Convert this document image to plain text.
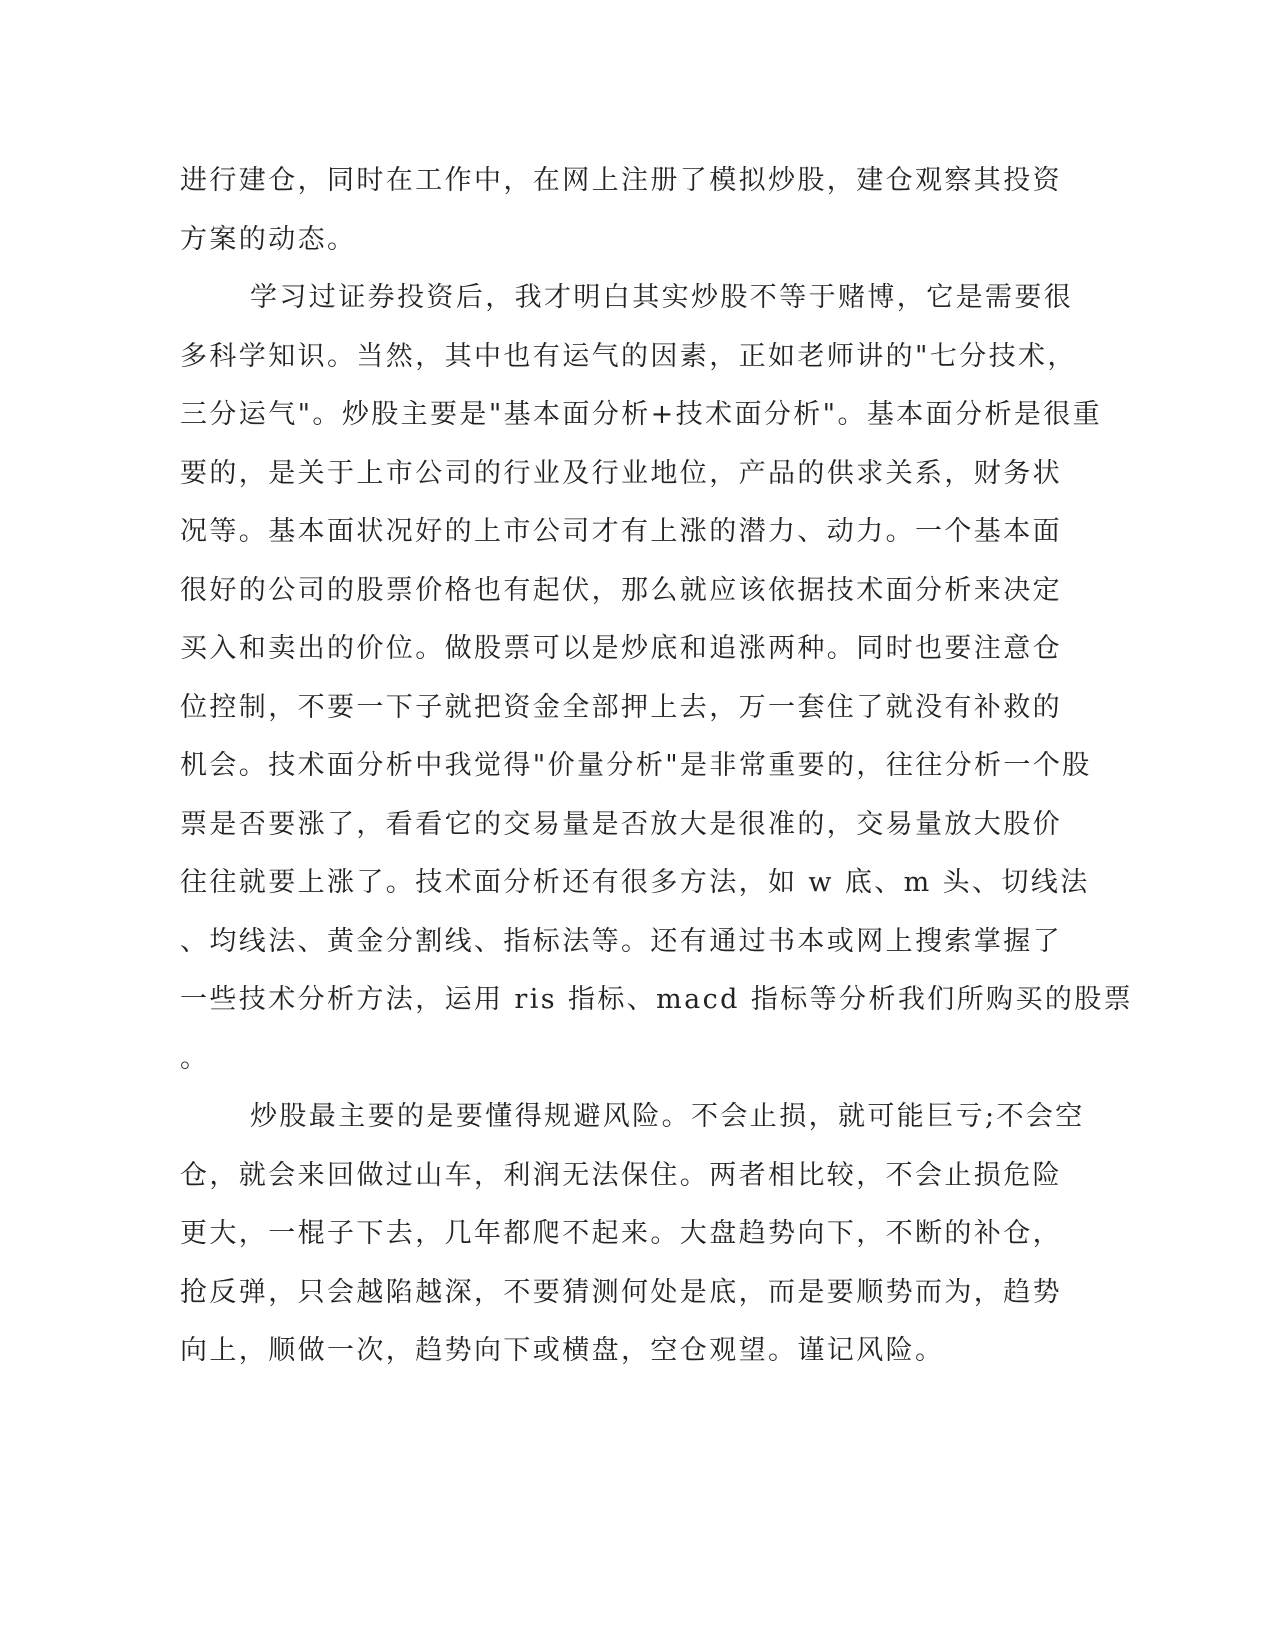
进行建仓，同时在工作中，在网上注册了模拟炒股，建仓观察其投资
方案的动态。
学习过证券投资后，我才明白其实炒股不等于赌博，它是需要很
多科学知识。当然，其中也有运气的因素，正如老师讲的"七分技术，
三分运气"。炒股主要是"基本面分析+技术面分析"。基本面分析是很重
要的，是关于上市公司的行业及行业地位，产品的供求关系，财务状
况等。基本面状况好的上市公司才有上涨的潜力、动力。一个基本面
很好的公司的股票价格也有起伏，那么就应该依据技术面分析来决定
买入和卖出的价位。做股票可以是炒底和追涨两种。同时也要注意仓
位控制，不要一下子就把资金全部押上去，万一套住了就没有补救的
机会。技术面分析中我觉得"价量分析"是非常重要的，往往分析一个股
票是否要涨了，看看它的交易量是否放大是很准的，交易量放大股价
往往就要上涨了。技术面分析还有很多方法，如 w 底、m 头、切线法
、均线法、黄金分割线、指标法等。还有通过书本或网上搜索掌握了
一些技术分析方法，运用 ris 指标、macd 指标等分析我们所购买的股票
。
炒股最主要的是要懂得规避风险。不会止损，就可能巨亏;不会空
仓，就会来回做过山车，利润无法保住。两者相比较，不会止损危险
更大，一棍子下去，几年都爬不起来。大盘趋势向下，不断的补仓，
抢反弹，只会越陷越深，不要猜测何处是底，而是要顺势而为，趋势
向上，顺做一次，趋势向下或横盘，空仓观望。谨记风险。
